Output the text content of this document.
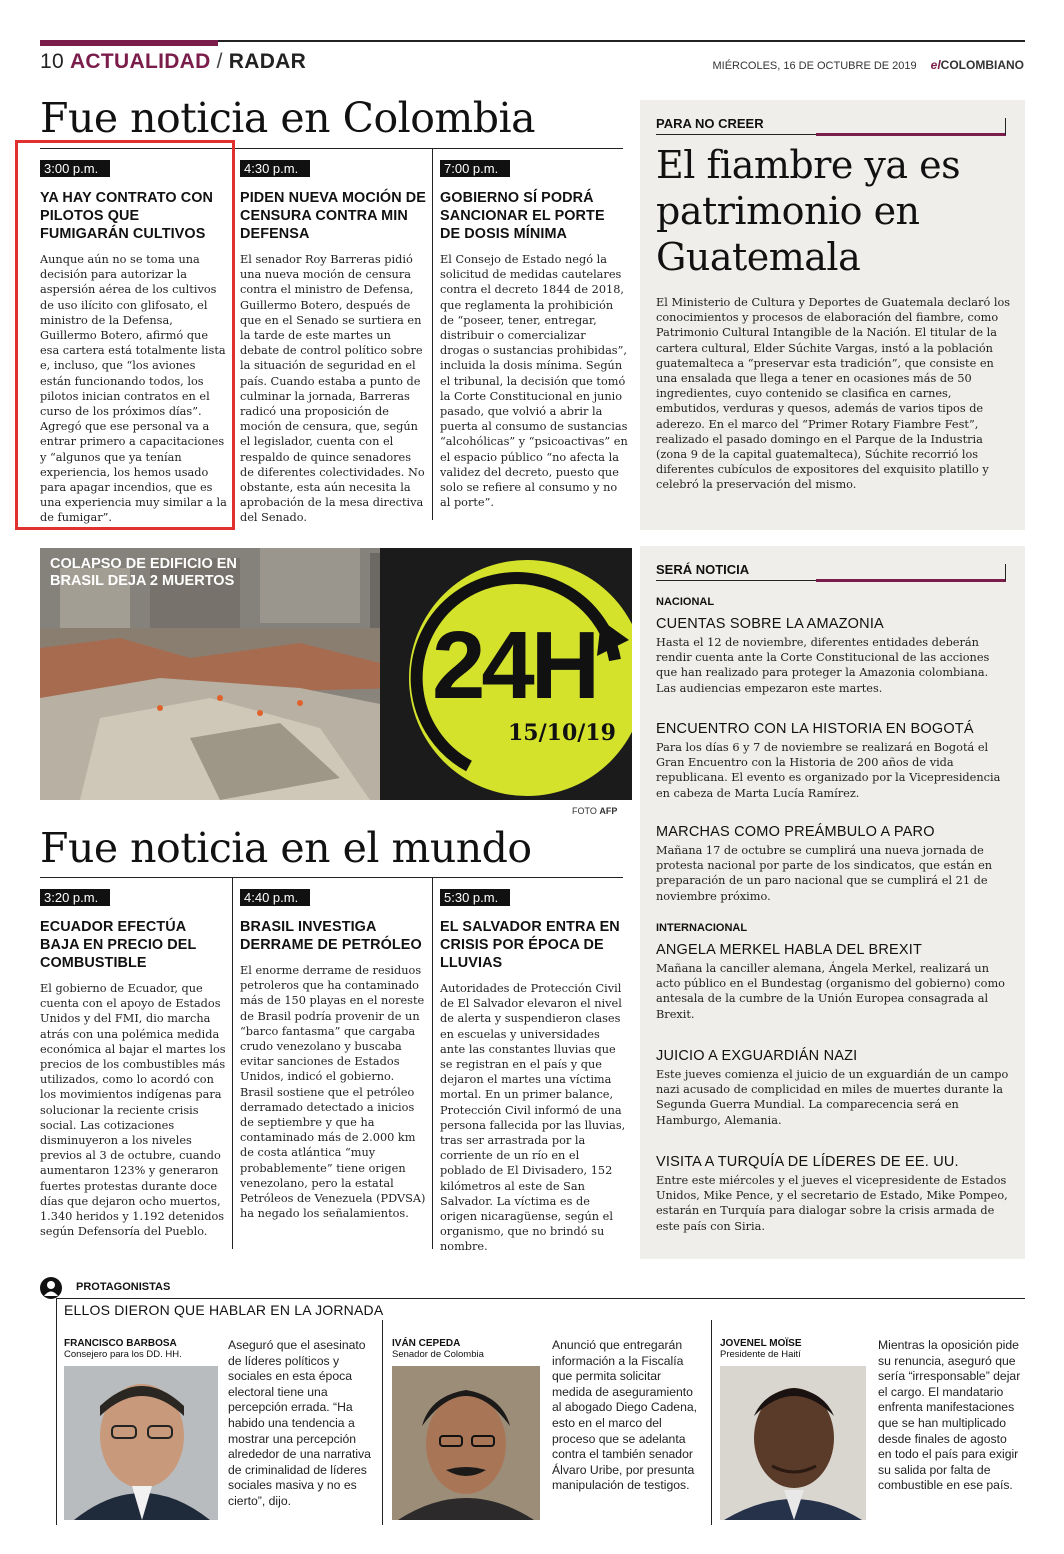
10 ACTUALIDAD / RADAR	MIÉRCOLES, 16 DE OCTUBRE DE 2019 elCOLOMBIANO
Fue noticia en Colombia
3:00 p.m.
YA HAY CONTRATO CON PILOTOS QUE FUMIGARÁN CULTIVOS
Aunque aún no se toma una decisión para autorizar la aspersión aérea de los cultivos de uso ilícito con glifosato, el ministro de la Defensa, Guillermo Botero, afirmó que esa cartera está totalmente lista e, incluso, que “los aviones están funcionando todos, los pilotos inician contratos en el curso de los próximos días”. Agregó que ese personal va a entrar primero a capacitaciones y “algunos que ya tenían experiencia, los hemos usado para apagar incendios, que es una experiencia muy similar a la de fumigar”.
4:30 p.m.
PIDEN NUEVA MOCIÓN DE CENSURA CONTRA MIN DEFENSA
El senador Roy Barreras pidió una nueva moción de censura contra el ministro de Defensa, Guillermo Botero, después de que en el Senado se surtiera en la tarde de este martes un debate de control político sobre la situación de seguridad en el país. Cuando estaba a punto de culminar la jornada, Barreras radicó una proposición de moción de censura, que, según el legislador, cuenta con el respaldo de quince senadores de diferentes colectividades. No obstante, esta aún necesita la aprobación de la mesa directiva del Senado.
7:00 p.m.
GOBIERNO SÍ PODRÁ SANCIONAR EL PORTE DE DOSIS MÍNIMA
El Consejo de Estado negó la solicitud de medidas cautelares contra el decreto 1844 de 2018, que reglamenta la prohibición de “poseer, tener, entregar, distribuir o comercializar drogas o sustancias prohibidas”, incluida la dosis mínima. Según el tribunal, la decisión que tomó la Corte Constitucional en junio pasado, que volvió a abrir la puerta al consumo de sustancias “alcohólicas” y “psicoactivas” en el espacio público “no afecta la validez del decreto, puesto que solo se refiere al consumo y no al porte”.
PARA NO CREER
El fiambre ya es patrimonio en Guatemala
El Ministerio de Cultura y Deportes de Guatemala declaró los conocimientos y procesos de elaboración del fiambre, como Patrimonio Cultural Intangible de la Nación. El titular de la cartera cultural, Elder Súchite Vargas, instó a la población guatemalteca a “preservar esta tradición”, que consiste en una ensalada que llega a tener en ocasiones más de 50 ingredientes, cuyo contenido se clasifica en carnes, embutidos, verduras y quesos, además de varios tipos de aderezo. En el marco del “Primer Rotary Fiambre Fest”, realizado el pasado domingo en el Parque de la Industria (zona 9 de la capital guatemalteca), Súchite recorrió los diferentes cubículos de expositores del exquisito platillo y celebró la preservación del mismo.
COLAPSO DE EDIFICIO EN BRASIL DEJA 2 MUERTOS
24H
15/10/19
FOTO AFP
Fue noticia en el mundo
3:20 p.m.
ECUADOR EFECTÚA BAJA EN PRECIO DEL COMBUSTIBLE
El gobierno de Ecuador, que cuenta con el apoyo de Estados Unidos y del FMI, dio marcha atrás con una polémica medida económica al bajar el martes los precios de los combustibles más utilizados, como lo acordó con los movimientos indígenas para solucionar la reciente crisis social. Las cotizaciones disminuyeron a los niveles previos al 3 de octubre, cuando aumentaron 123% y generaron fuertes protestas durante doce días que dejaron ocho muertos, 1.340 heridos y 1.192 detenidos según Defensoría del Pueblo.
4:40 p.m.
BRASIL INVESTIGA DERRAME DE PETRÓLEO
El enorme derrame de residuos petroleros que ha contaminado más de 150 playas en el noreste de Brasil podría provenir de un “barco fantasma” que cargaba crudo venezolano y buscaba evitar sanciones de Estados Unidos, indicó el gobierno. Brasil sostiene que el petróleo derramado detectado a inicios de septiembre y que ha contaminado más de 2.000 km de costa atlántica “muy probablemente” tiene origen venezolano, pero la estatal Petróleos de Venezuela (PDVSA) ha negado los señalamientos.
5:30 p.m.
EL SALVADOR ENTRA EN CRISIS POR ÉPOCA DE LLUVIAS
Autoridades de Protección Civil de El Salvador elevaron el nivel de alerta y suspendieron clases en escuelas y universidades ante las constantes lluvias que se registran en el país y que dejaron el martes una víctima mortal. En un primer balance, Protección Civil informó de una persona fallecida por las lluvias, tras ser arrastrada por la corriente de un río en el poblado de El Divisadero, 152 kilómetros al este de San Salvador. La víctima es de origen nicaragüense, según el organismo, que no brindó su nombre.
SERÁ NOTICIA
NACIONAL
CUENTAS SOBRE LA AMAZONIA
Hasta el 12 de noviembre, diferentes entidades deberán rendir cuenta ante la Corte Constitucional de las acciones que han realizado para proteger la Amazonia colombiana. Las audiencias empezaron este martes.
ENCUENTRO CON LA HISTORIA EN BOGOTÁ
Para los días 6 y 7 de noviembre se realizará en Bogotá el Gran Encuentro con la Historia de 200 años de vida republicana. El evento es organizado por la Vicepresidencia en cabeza de Marta Lucía Ramírez.
MARCHAS COMO PREÁMBULO A PARO
Mañana 17 de octubre se cumplirá una nueva jornada de protesta nacional por parte de los sindicatos, que están en preparación de un paro nacional que se cumplirá el 21 de noviembre próximo.
INTERNACIONAL
ANGELA MERKEL HABLA DEL BREXIT
Mañana la canciller alemana, Ángela Merkel, realizará un acto público en el Bundestag (organismo del gobierno) como antesala de la cumbre de la Unión Europea consagrada al Brexit.
JUICIO A EXGUARDIÁN NAZI
Este jueves comienza el juicio de un exguardián de un campo nazi acusado de complicidad en miles de muertes durante la Segunda Guerra Mundial. La comparecencia será en Hamburgo, Alemania.
VISITA A TURQUÍA DE LÍDERES DE EE. UU.
Entre este miércoles y el jueves el vicepresidente de Estados Unidos, Mike Pence, y el secretario de Estado, Mike Pompeo, estarán en Turquía para dialogar sobre la crisis armada de este país con Siria.
PROTAGONISTAS
ELLOS DIERON QUE HABLAR EN LA JORNADA
FRANCISCO BARBOSA
Consejero para los DD. HH.
Aseguró que el asesinato de líderes políticos y sociales en esta época electoral tiene una percepción errada. “Ha habido una tendencia a mostrar una percepción alrededor de una narrativa de criminalidad de líderes sociales masiva y no es cierto”, dijo.
IVÁN CEPEDA
Senador de Colombia
Anunció que entregarán información a la Fiscalía que permita solicitar medida de aseguramiento al abogado Diego Cadena, esto en el marco del proceso que se adelanta contra el también senador Álvaro Uribe, por presunta manipulación de testigos.
JOVENEL MOÏSE
Presidente de Haití
Mientras la oposición pide su renuncia, aseguró que sería “irresponsable” dejar el cargo. El mandatario enfrenta manifestaciones que se han multiplicado desde finales de agosto en todo el país para exigir su salida por falta de combustible en ese país.
